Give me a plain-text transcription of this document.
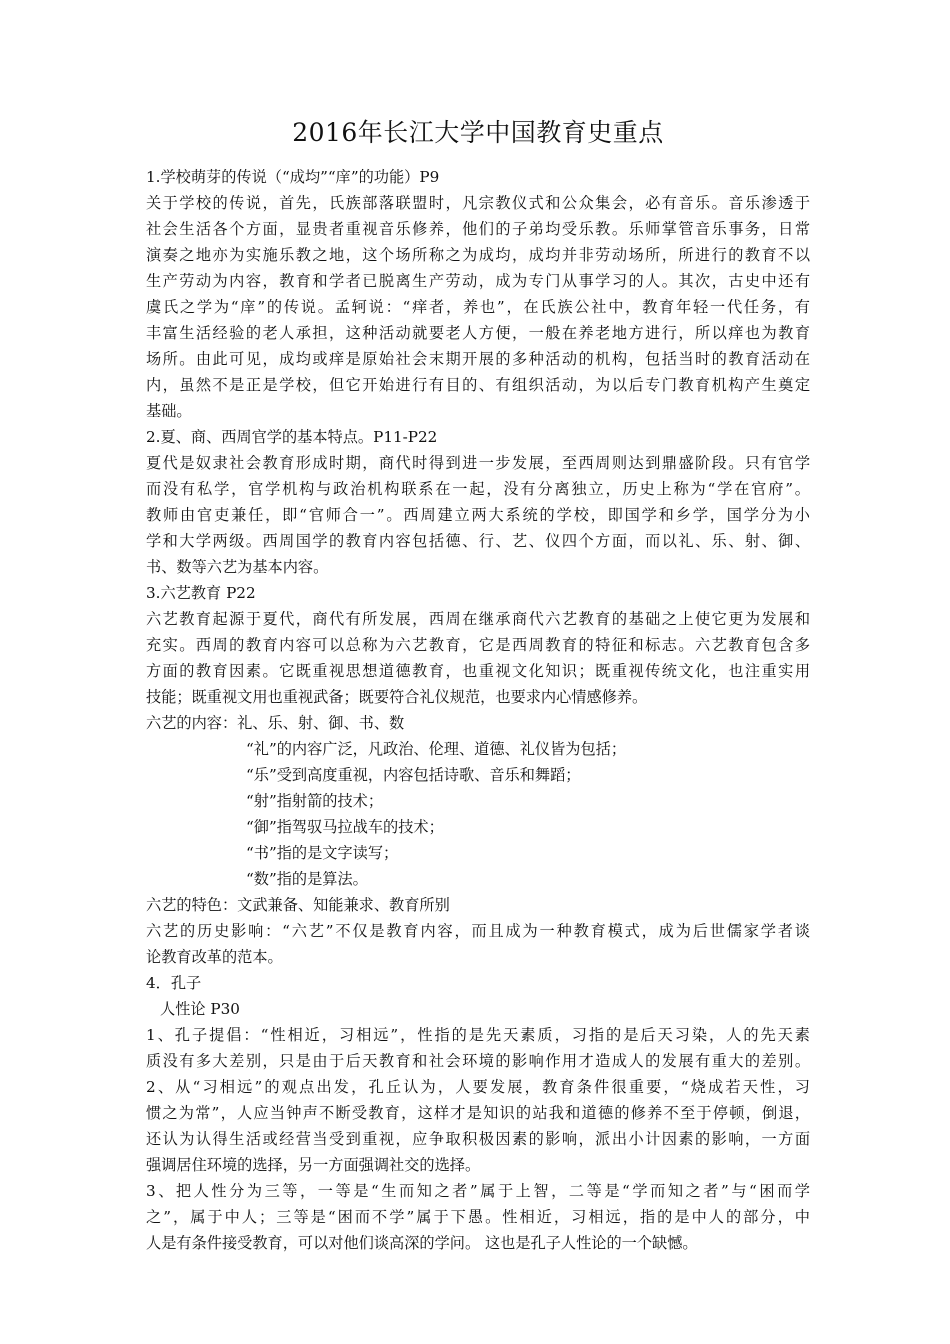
2016年长江大学中国教育史重点
1.学校萌芽的传说（“成均”“庠”的功能）P9
关于学校的传说，首先，氏族部落联盟时，凡宗教仪式和公众集会，必有音乐。音乐渗透于
社会生活各个方面，显贵者重视音乐修养，他们的子弟均受乐教。乐师掌管音乐事务，日常
演奏之地亦为实施乐教之地，这个场所称之为成均，成均并非劳动场所，所进行的教育不以
生产劳动为内容，教育和学者已脱离生产劳动，成为专门从事学习的人。其次，古史中还有
虞氏之学为“庠”的传说。孟轲说：“痒者，养也”，在氏族公社中，教育年轻一代任务，有
丰富生活经验的老人承担，这种活动就要老人方便，一般在养老地方进行，所以痒也为教育
场所。由此可见，成均或痒是原始社会末期开展的多种活动的机构，包括当时的教育活动在
内，虽然不是正是学校，但它开始进行有目的、有组织活动，为以后专门教育机构产生奠定
基础。
2.夏、商、西周官学的基本特点。P11-P22
夏代是奴隶社会教育形成时期，商代时得到进一步发展，至西周则达到鼎盛阶段。只有官学
而没有私学，官学机构与政治机构联系在一起，没有分离独立，历史上称为“学在官府”。
教师由官吏兼任，即“官师合一”。西周建立两大系统的学校，即国学和乡学，国学分为小
学和大学两级。西周国学的教育内容包括德、行、艺、仪四个方面，而以礼、乐、射、御、
书、数等六艺为基本内容。
3.六艺教育 P22
六艺教育起源于夏代，商代有所发展，西周在继承商代六艺教育的基础之上使它更为发展和
充实。西周的教育内容可以总称为六艺教育，它是西周教育的特征和标志。六艺教育包含多
方面的教育因素。它既重视思想道德教育，也重视文化知识；既重视传统文化，也注重实用
技能；既重视文用也重视武备；既要符合礼仪规范，也要求内心情感修养。
六艺的内容：礼、乐、射、御、书、数
“礼”的内容广泛，凡政治、伦理、道德、礼仪皆为包括；
“乐”受到高度重视，内容包括诗歌、音乐和舞蹈；
“射”指射箭的技术；
“御”指驾驭马拉战车的技术；
“书”指的是文字读写；
“数”指的是算法。
六艺的特色：文武兼备、知能兼求、教育所别
六艺的历史影响：“六艺”不仅是教育内容，而且成为一种教育模式，成为后世儒家学者谈
论教育改革的范本。
4．孔子
人性论 P30
1、孔子提倡：“性相近，习相远”，性指的是先天素质，习指的是后天习染，人的先天素
质没有多大差别，只是由于后天教育和社会环境的影响作用才造成人的发展有重大的差别。
2、从“习相远”的观点出发，孔丘认为，人要发展，教育条件很重要，“烧成若天性，习
惯之为常”，人应当钟声不断受教育，这样才是知识的站我和道德的修养不至于停顿，倒退，
还认为认得生活或经营当受到重视，应争取积极因素的影响，派出小计因素的影响，一方面
强调居住环境的选择，另一方面强调社交的选择。
3、把人性分为三等，一等是“生而知之者”属于上智，二等是“学而知之者”与“困而学
之”，属于中人；三等是“困而不学”属于下愚。性相近，习相远，指的是中人的部分，中
人是有条件接受教育，可以对他们谈高深的学问。 这也是孔子人性论的一个缺憾。
